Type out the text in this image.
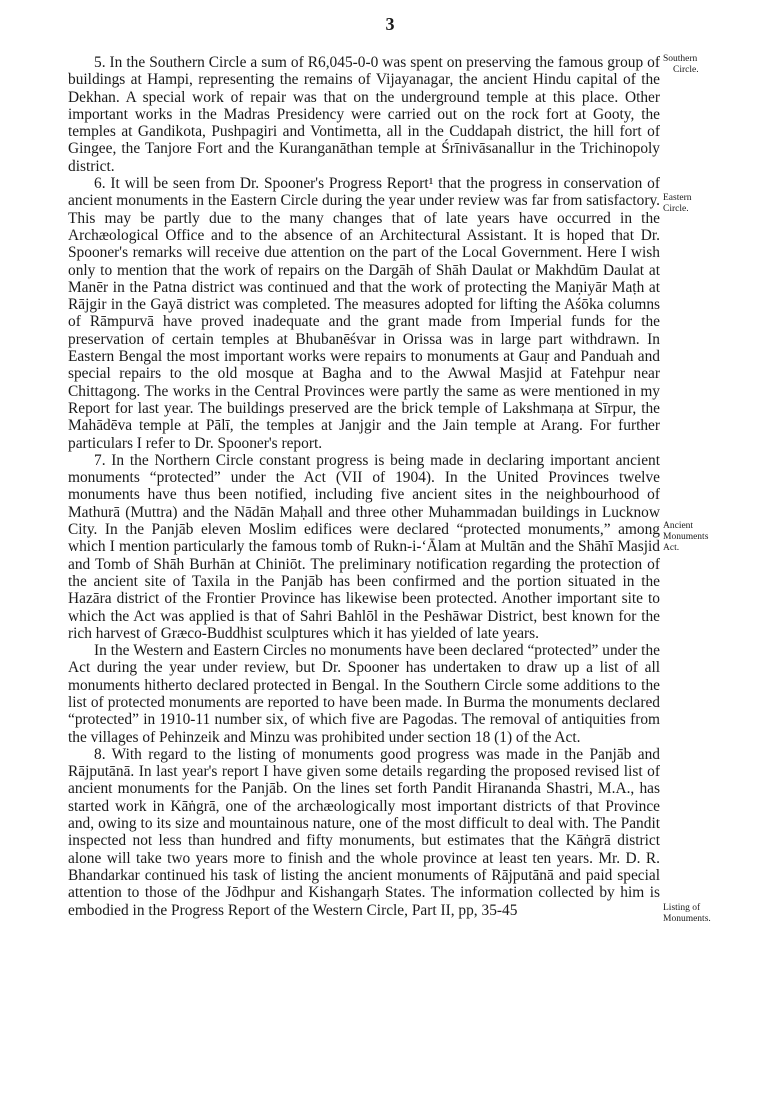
3

5. In the Southern Circle a sum of R6,045-0-0 was spent on preserving the famous group of buildings at Hampi, representing the remains of Vijayanagar, the ancient Hindu capital of the Dekhan. A special work of repair was that on the underground temple at this place. Other important works in the Madras Presidency were carried out on the rock fort at Gooty, the temples at Gandikota, Pushpagiri and Vontimetta, all in the Cuddapah district, the hill fort of Gingee, the Tanjore Fort and the Kuranganāthan temple at Śrīnivāsanallur in the Trichinopoly district.

6. It will be seen from Dr. Spooner's Progress Report¹ that the progress in conservation of ancient monuments in the Eastern Circle during the year under review was far from satisfactory. This may be partly due to the many changes that of late years have occurred in the Archæological Office and to the absence of an Architectural Assistant. It is hoped that Dr. Spooner's remarks will receive due attention on the part of the Local Government. Here I wish only to mention that the work of repairs on the Dargāh of Shāh Daulat or Makhdūm Daulat at Manēr in the Patna district was continued and that the work of protecting the Maṇiyār Maṭh at Rājgir in the Gayā district was completed. The measures adopted for lifting the Aśōka columns of Rāmpurvā have proved inadequate and the grant made from Imperial funds for the preservation of certain temples at Bhubanēśvar in Orissa was in large part withdrawn. In Eastern Bengal the most important works were repairs to monuments at Gauṛ and Panduah and special repairs to the old mosque at Bagha and to the Awwal Masjid at Fatehpur near Chittagong. The works in the Central Provinces were partly the same as were mentioned in my Report for last year. The buildings preserved are the brick temple of Lakshmaṇa at Sīrpur, the Mahādēva temple at Pālī, the temples at Janjgir and the Jain temple at Arang. For further particulars I refer to Dr. Spooner's report.

7. In the Northern Circle constant progress is being made in declaring important ancient monuments “protected” under the Act (VII of 1904). In the United Provinces twelve monuments have thus been notified, including five ancient sites in the neighbourhood of Mathurā (Muttra) and the Nādān Maḥall and three other Muhammadan buildings in Lucknow City. In the Panjāb eleven Moslim edifices were declared “protected monuments,” among which I mention particularly the famous tomb of Rukn-i-‘Ālam at Multān and the Shāhī Masjid and Tomb of Shāh Burhān at Chiniōt. The preliminary notification regarding the protection of the ancient site of Taxila in the Panjāb has been confirmed and the portion situated in the Hazāra district of the Frontier Province has likewise been protected. Another important site to which the Act was applied is that of Sahri Bahlōl in the Peshāwar District, best known for the rich harvest of Græco-Buddhist sculptures which it has yielded of late years.

In the Western and Eastern Circles no monuments have been declared “protected” under the Act during the year under review, but Dr. Spooner has undertaken to draw up a list of all monuments hitherto declared protected in Bengal. In the Southern Circle some additions to the list of protected monuments are reported to have been made. In Burma the monuments declared “protected” in 1910-11 number six, of which five are Pagodas. The removal of antiquities from the villages of Pehinzeik and Minzu was prohibited under section 18 (1) of the Act.

8. With regard to the listing of monuments good progress was made in the Panjāb and Rājputānā. In last year's report I have given some details regarding the proposed revised list of ancient monuments for the Panjāb. On the lines set forth Pandit Hirananda Shastri, M.A., has started work in Kāṅgrā, one of the archæologically most important districts of that Province and, owing to its size and mountainous nature, one of the most difficult to deal with. The Pandit inspected not less than hundred and fifty monuments, but estimates that the Kāṅgrā district alone will take two years more to finish and the whole province at least ten years. Mr. D. R. Bhandarkar continued his task of listing the ancient monuments of Rājputānā and paid special attention to those of the Jōdhpur and Kishangaṛh States. The information collected by him is embodied in the Progress Report of the Western Circle, Part II, pp, 35-45

Southern
Circle.
Eastern
Circle.
Ancient
Monuments
Act.
Listing of
Monuments.
